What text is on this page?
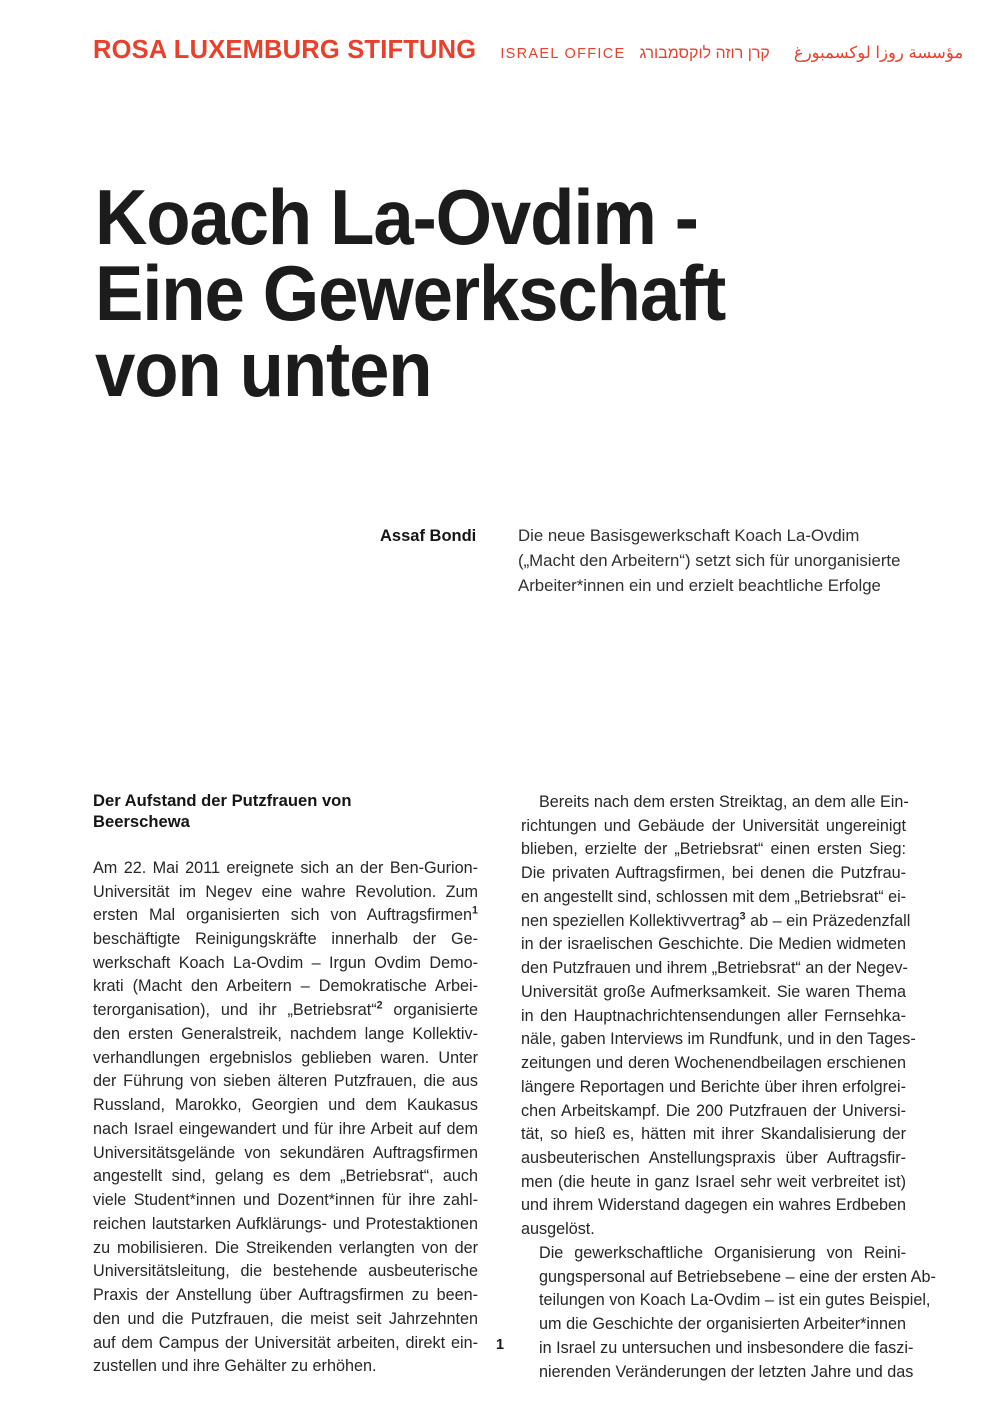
ROSA LUXEMBURG STIFTUNG ISRAEL OFFICE קרן רוזה לוקסמבורג مؤسسة روزا لوكسمبورغ
Koach La-Ovdim -
Eine Gewerkschaft
von unten
Assaf Bondi	Die neue Basisgewerkschaft Koach La-Ovdim („Macht den Arbeitern“) setzt sich für unorganisierte Arbeiter*innen ein und erzielt beachtliche Erfolge
Der Aufstand der Putzfrauen von
Beerschewa

Am 22. Mai 2011 ereignete sich an der Ben-Gurion-
Universität im Negev eine wahre Revolution. Zum
ersten Mal organisierten sich von Auftragsfirmen$^1$
beschäftigte Reinigungskräfte innerhalb der Ge-
werkschaft Koach La-Ovdim – Irgun Ovdim Demo-
krati (Macht den Arbeitern – Demokratische Arbei-
terorganisation), und ihr „Betriebsrat“$^2$ organisierte
den ersten Generalstreik, nachdem lange Kollektiv-
verhandlungen ergebnislos geblieben waren. Unter
der Führung von sieben älteren Putzfrauen, die aus
Russland, Marokko, Georgien und dem Kaukasus
nach Israel eingewandert und für ihre Arbeit auf dem
Universitätsgelände von sekundären Auftragsfirmen
angestellt sind, gelang es dem „Betriebsrat“, auch
viele Student*innen und Dozent*innen für ihre zahl-
reichen lautstarken Aufklärungs- und Protestaktionen
zu mobilisieren. Die Streikenden verlangten von der
Universitätsleitung, die bestehende ausbeuterische
Praxis der Anstellung über Auftragsfirmen zu been-
den und die Putzfrauen, die meist seit Jahrzehnten
auf dem Campus der Universität arbeiten, direkt ein-
zustellen und ihre Gehälter zu erhöhen.

Bereits nach dem ersten Streiktag, an dem alle Ein-
richtungen und Gebäude der Universität ungereinigt
blieben, erzielte der „Betriebsrat“ einen ersten Sieg:
Die privaten Auftragsfirmen, bei denen die Putzfrau-
en angestellt sind, schlossen mit dem „Betriebsrat“ ei-
nen speziellen Kollektivvertrag$^3$ ab – ein Präzedenzfall
in der israelischen Geschichte. Die Medien widmeten
den Putzfrauen und ihrem „Betriebsrat“ an der Negev-
Universität große Aufmerksamkeit. Sie waren Thema
in den Hauptnachrichtensendungen aller Fernsehka-
näle, gaben Interviews im Rundfunk, und in den Tages-
zeitungen und deren Wochenendbeilagen erschienen
längere Reportagen und Berichte über ihren erfolgrei-
chen Arbeitskampf. Die 200 Putzfrauen der Universi-
tät, so hieß es, hätten mit ihrer Skandalisierung der
ausbeuterischen Anstellungspraxis über Auftragsfir-
men (die heute in ganz Israel sehr weit verbreitet ist)
und ihrem Widerstand dagegen ein wahres Erdbeben
ausgelöst.

Die gewerkschaftliche Organisierung von Reini-
gungspersonal auf Betriebsebene – eine der ersten Ab-
teilungen von Koach La-Ovdim – ist ein gutes Beispiel,
um die Geschichte der organisierten Arbeiter*innen
in Israel zu untersuchen und insbesondere die faszi-
nierenden Veränderungen der letzten Jahre und das

1
